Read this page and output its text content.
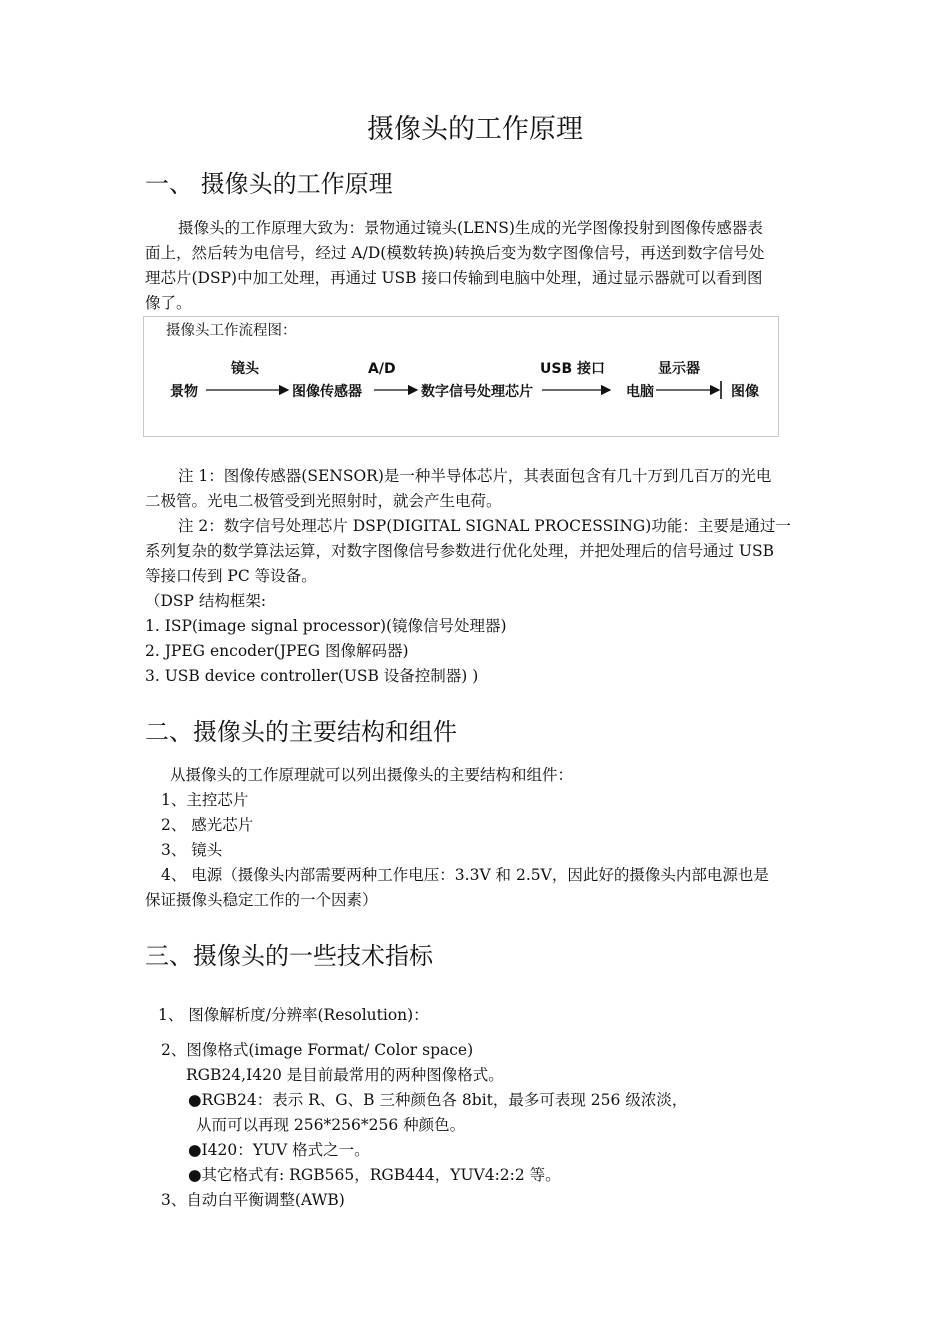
摄像头的工作原理
一、 摄像头的工作原理
摄像头的工作原理大致为：景物通过镜头(LENS)生成的光学图像投射到图像传感器表
面上，然后转为电信号，经过 A/D(模数转换)转换后变为数字图像信号，再送到数字信号处
理芯片(DSP)中加工处理，再通过 USB 接口传输到电脑中处理，通过显示器就可以看到图
像了。
摄像头工作流程图：
景物	图像传感器	数字信号处理芯片	电脑	图像
镜头	A/D	USB 接口	显示器
注 1：图像传感器(SENSOR)是一种半导体芯片，其表面包含有几十万到几百万的光电
二极管。光电二极管受到光照射时，就会产生电荷。
注 2：数字信号处理芯片 DSP(DIGITAL SIGNAL PROCESSING)功能：主要是通过一
系列复杂的数学算法运算，对数字图像信号参数进行优化处理，并把处理后的信号通过 USB
等接口传到 PC 等设备。
（DSP 结构框架:
1. ISP(image signal processor)(镜像信号处理器)
2. JPEG encoder(JPEG 图像解码器)
3. USB device controller(USB 设备控制器) )
二、摄像头的主要结构和组件
从摄像头的工作原理就可以列出摄像头的主要结构和组件：
1、主控芯片
2、 感光芯片
3、 镜头
4、 电源（摄像头内部需要两种工作电压：3.3V 和 2.5V，因此好的摄像头内部电源也是
保证摄像头稳定工作的一个因素）
三、摄像头的一些技术指标
1、 图像解析度/分辨率(Resolution)：
2、图像格式(image Format/ Color space)
RGB24,I420 是目前最常用的两种图像格式。
●RGB24：表示 R、G、B 三种颜色各 8bit，最多可表现 256 级浓淡，
从而可以再现 256*256*256 种颜色。
●I420：YUV 格式之一。
●其它格式有: RGB565，RGB444，YUV4:2:2 等。
3、自动白平衡调整(AWB)
